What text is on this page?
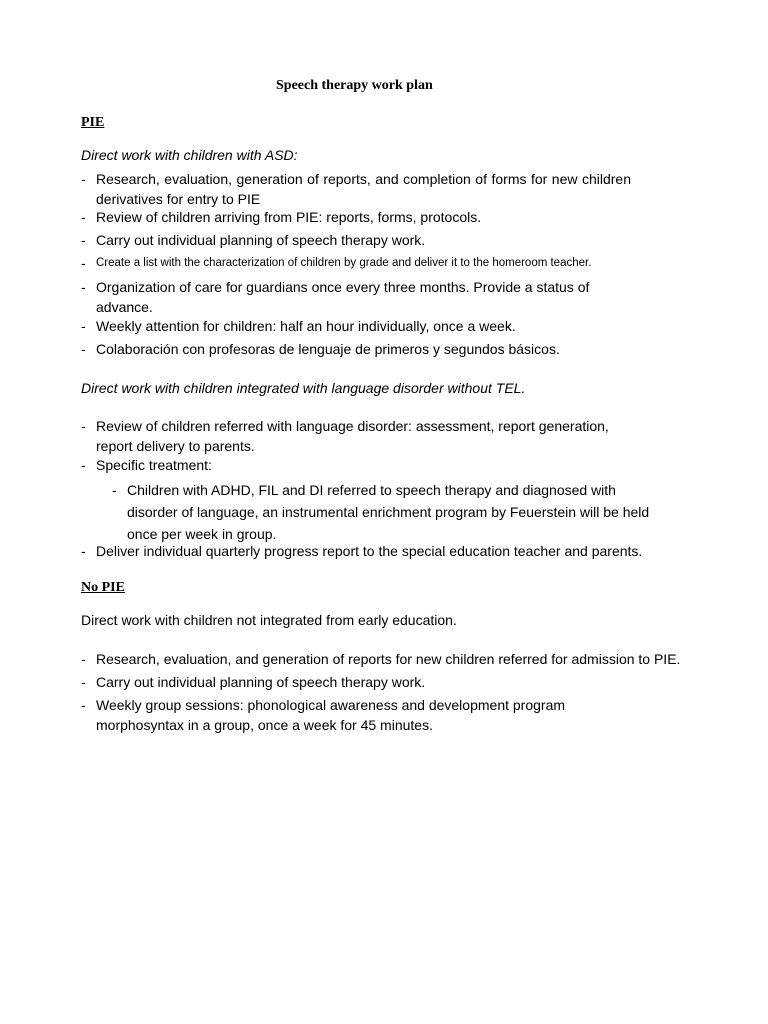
Speech therapy work plan
PIE
Direct work with children with ASD:
- Research, evaluation, generation of reports, and completion of forms for new children derivatives for entry to PIE
- Review of children arriving from PIE: reports, forms, protocols.
- Carry out individual planning of speech therapy work.
- Create a list with the characterization of children by grade and deliver it to the homeroom teacher.
- Organization of care for guardians once every three months. Provide a status of advance.
- Weekly attention for children: half an hour individually, once a week.
- Colaboración con profesoras de lenguaje de primeros y segundos básicos.
Direct work with children integrated with language disorder without TEL.
- Review of children referred with language disorder: assessment, report generation, report delivery to parents.
- Specific treatment:
- Children with ADHD, FIL and DI referred to speech therapy and diagnosed with disorder of language, an instrumental enrichment program by Feuerstein will be held once per week in group.
- Deliver individual quarterly progress report to the special education teacher and parents.
No PIE
Direct work with children not integrated from early education.
- Research, evaluation, and generation of reports for new children referred for admission to PIE.
- Carry out individual planning of speech therapy work.
- Weekly group sessions: phonological awareness and development program morphosyntax in a group, once a week for 45 minutes.
